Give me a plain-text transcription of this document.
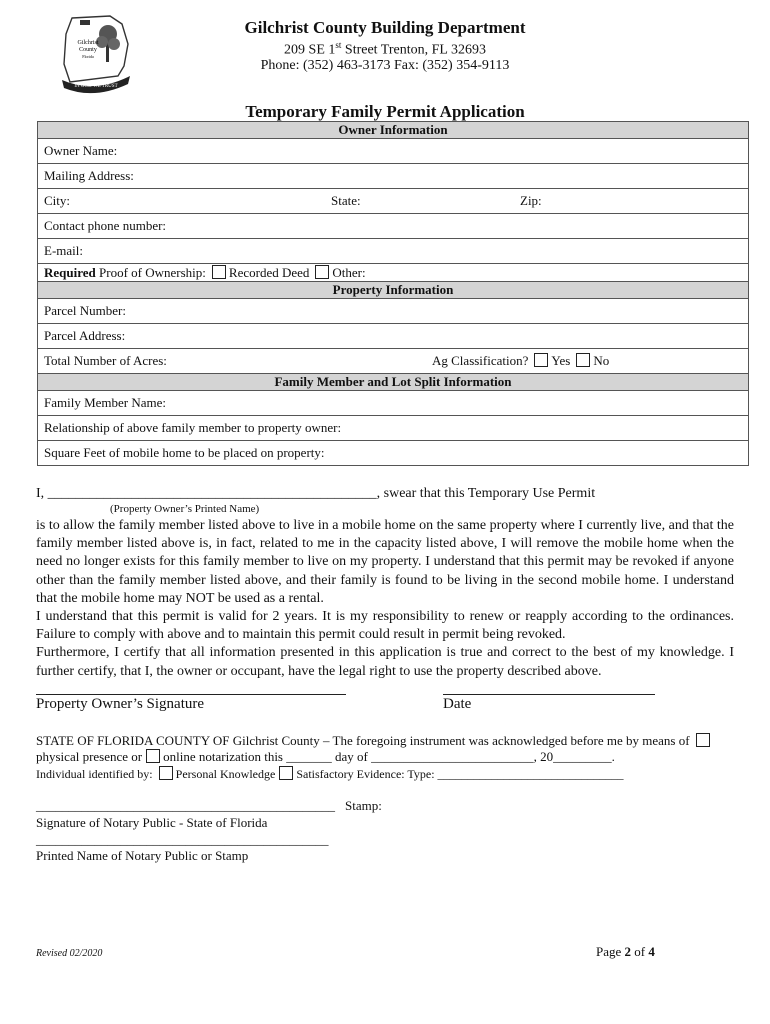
Gilchrist
County
Florida
IN GOD WE TRUST
Gilchrist County Building Department
209 SE 1st Street Trenton, FL 32693
Phone: (352) 463-3173 Fax: (352) 354-9113
Temporary Family Permit Application
Owner Information
Owner Name:
Mailing Address:
City:	State:	Zip:
Contact phone number:
E-mail:
Required Proof of Ownership: Recorded Deed Other:
Property Information
Parcel Number:
Parcel Address:
Total Number of Acres:	Ag Classification? Yes No
Family Member and Lot Split Information
Family Member Name:
Relationship of above family member to property owner:
Square Feet of mobile home to be placed on property:
I, _______________________________________________, swear that this Temporary Use Permit
(Property Owner’s Printed Name)
is to allow the family member listed above to live in a mobile home on the same property where I currently live, and that the family member listed above is, in fact, related to me in the capacity listed above, I will remove the mobile home when the need no longer exists for this family member to live on my property. I understand that this permit may be revoked if anyone other than the family member listed above, and their family is found to be living in the second mobile home. I understand that the mobile home may NOT be used as a rental.
I understand that this permit is valid for 2 years. It is my responsibility to renew or reapply according to the ordinances. Failure to comply with above and to maintain this permit could result in permit being revoked.
Furthermore, I certify that all information presented in this application is true and correct to the best of my knowledge. I further certify, that I, the owner or occupant, have the legal right to use the property described above.
Property Owner’s Signature	Date
STATE OF FLORIDA COUNTY OF Gilchrist County – The foregoing instrument was acknowledged before me by means of
physical presence or online notarization this _______ day of _________________________, 20_________.
Individual identified by: Personal Knowledge Satisfactory Evidence: Type: _______________________________
______________________________________________ Stamp:
Signature of Notary Public - State of Florida
_____________________________________________
Printed Name of Notary Public or Stamp
Revised 02/2020	Page 2 of 4
